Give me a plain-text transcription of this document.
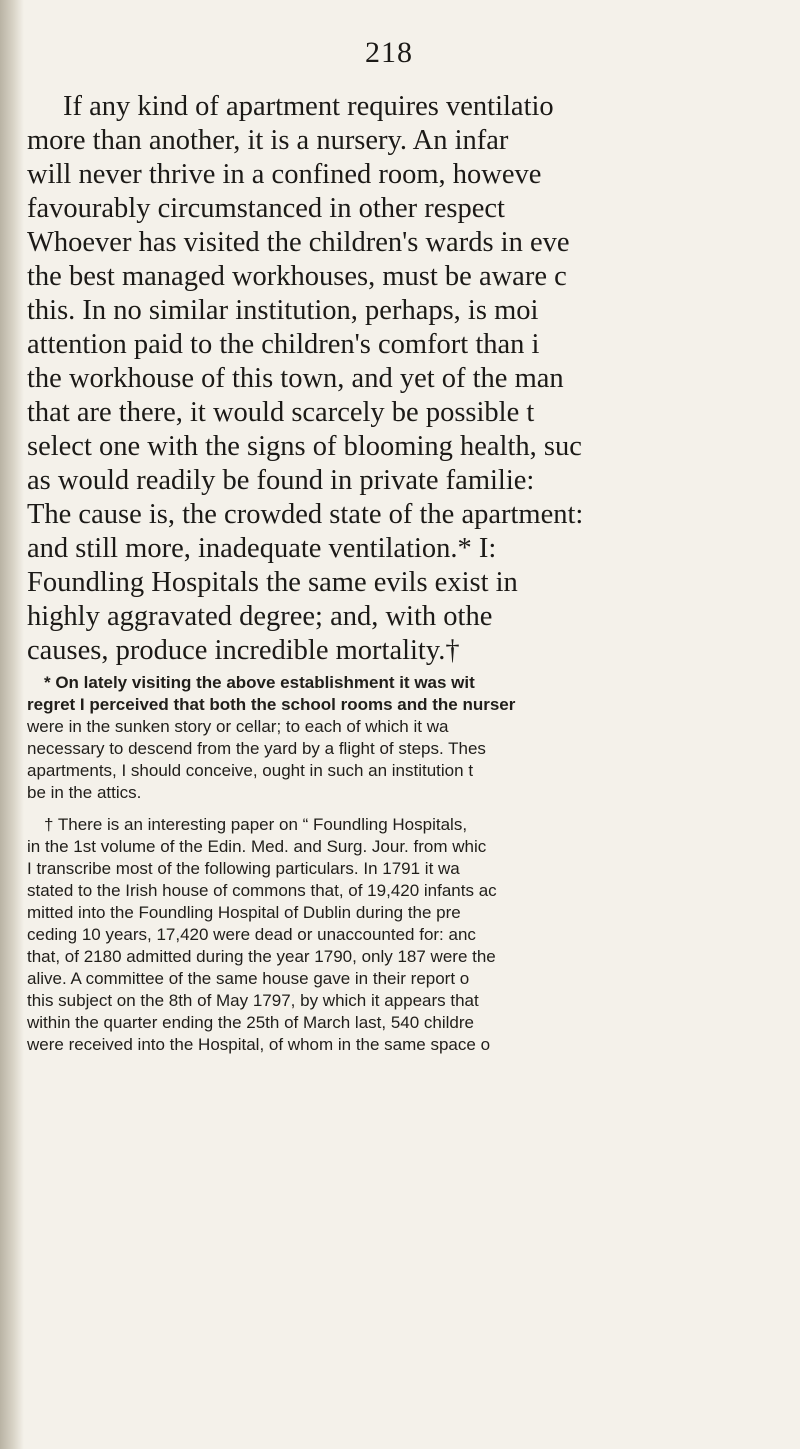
218
If any kind of apartment requires ventilatio
more than another, it is a nursery. An infar
will never thrive in a confined room, howeve
favourably circumstanced in other respect
Whoever has visited the children's wards in eve
the best managed workhouses, must be aware c
this. In no similar institution, perhaps, is moi
attention paid to the children's comfort than i
the workhouse of this town, and yet of the man
that are there, it would scarcely be possible t
select one with the signs of blooming health, suc
as would readily be found in private familie:
The cause is, the crowded state of the apartment:
and still more, inadequate ventilation.* I:
Foundling Hospitals the same evils exist in
highly aggravated degree; and, with othe
causes, produce incredible mortality.†
* On lately visiting the above establishment it was wit
regret I perceived that both the school rooms and the nurser
were in the sunken story or cellar; to each of which it wa
necessary to descend from the yard by a flight of steps. Thes
apartments, I should conceive, ought in such an institution t
be in the attics.
† There is an interesting paper on “ Foundling Hospitals,
in the 1st volume of the Edin. Med. and Surg. Jour. from whic
I transcribe most of the following particulars. In 1791 it wa
stated to the Irish house of commons that, of 19,420 infants ac
mitted into the Foundling Hospital of Dublin during the pre
ceding 10 years, 17,420 were dead or unaccounted for: anc
that, of 2180 admitted during the year 1790, only 187 were the
alive. A committee of the same house gave in their report o
this subject on the 8th of May 1797, by which it appears that
within the quarter ending the 25th of March last, 540 childre
were received into the Hospital, of whom in the same space o
